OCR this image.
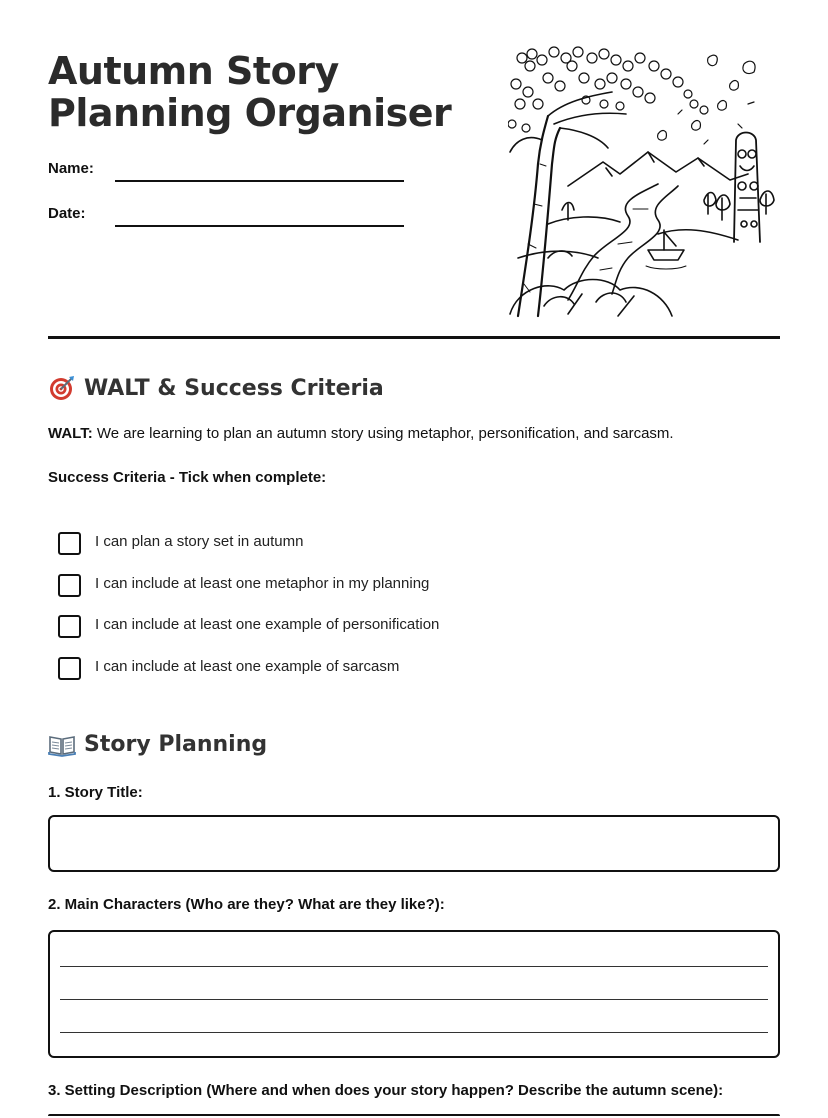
Autumn Story Planning Organiser
Name:
Date:
WALT & Success Criteria

WALT: We are learning to plan an autumn story using metaphor, personification, and sarcasm.

Success Criteria - Tick when complete:

I can plan a story set in autumn
I can include at least one metaphor in my planning
I can include at least one example of personification
I can include at least one example of sarcasm
Story Planning

1. Story Title:

2. Main Characters (Who are they? What are they like?):

3. Setting Description (Where and when does your story happen? Describe the autumn scene):
